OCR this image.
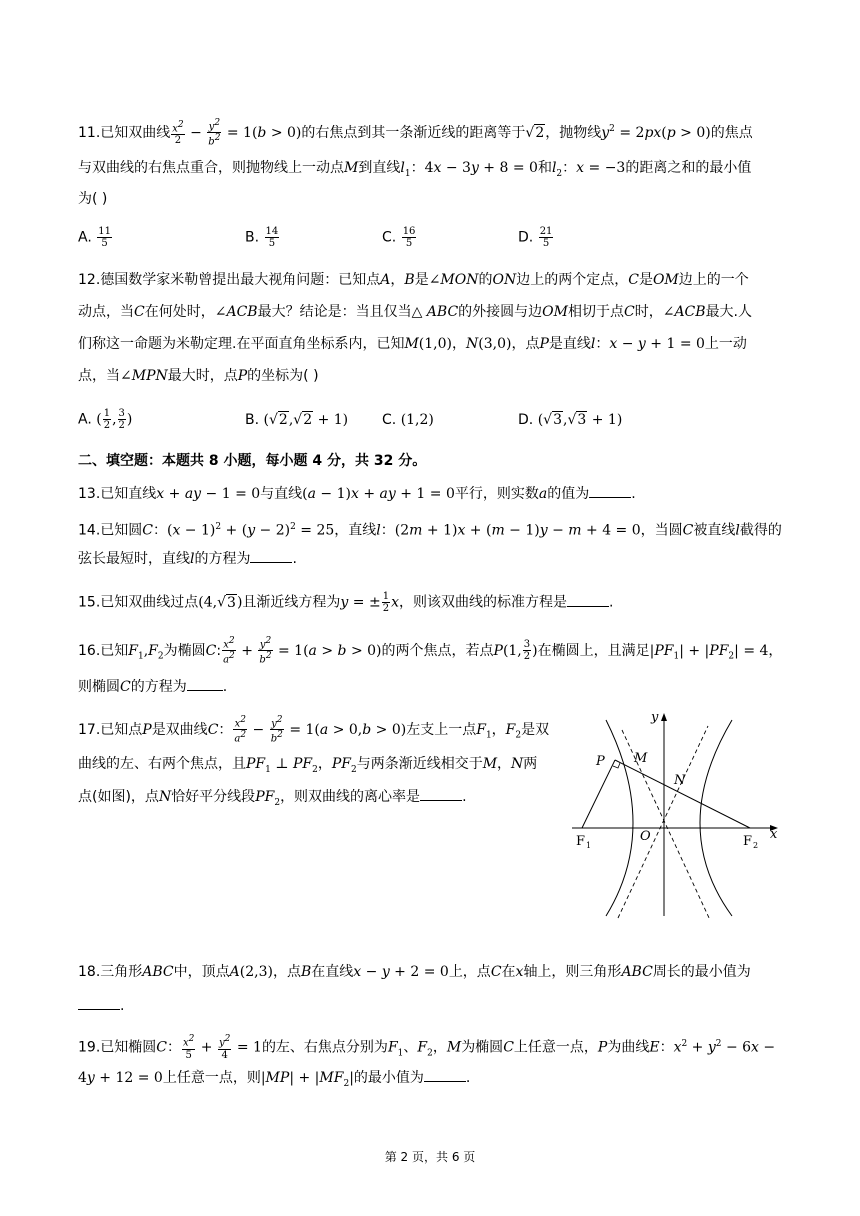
11.已知双曲线 $\frac{x^2}{2} - \frac{y^2}{b^2} = 1(b > 0)$的右焦点到其一条渐近线的距离等于√2，抛物线$y^2 = 2px(p > 0)$的焦点
与双曲线的右焦点重合，则抛物线上一动点M到直线$l_1$：4x − 3y + 8 = 0和$l_2$：x = −3的距离之和的最小值
为( )
A. $\frac{11}{5}$	B. $\frac{14}{5}$	C. $\frac{16}{5}$	D. $\frac{21}{5}$
12.德国数学家米勒曾提出最大视角问题：已知点A，B是∠MON的ON边上的两个定点，C是OM边上的一个
动点，当C在何处时，∠ACB最大？结论是：当且仅当△ ABC的外接圆与边OM相切于点C时，∠ACB最大.人
们称这一命题为米勒定理.在平面直角坐标系内，已知M(1,0)，N(3,0)，点P是直线l：x − y + 1 = 0上一动
点，当∠MPN最大时，点P的坐标为( )
A. ( $\frac{1}{2}$ , $\frac{3}{2}$ )	B. (√2,√2 + 1) C. (1,2)	D. (√3,√3 + 1)
二、填空题：本题共 8 小题，每小题 4 分，共 32 分。
13.已知直线x + ay − 1 = 0与直线(a − 1)x + ay + 1 = 0平行，则实数a的值为	.
14.已知圆C：$(x - 1)^2 + (y - 2)^2 = 25$，直线l：(2m + 1)x + (m − 1)y − m + 4 = 0，当圆C被直线l截得的
弦长最短时，直线l的方程为	.
15.已知双曲线过点(4,√3)且渐近线方程为y = ± $\frac{1}{2}$ x，则该双曲线的标准方程是	.
16.已知$F_1,F_2$为椭圆C: $\frac{x^2}{a^2} + \frac{y^2}{b^2} = 1(a > b > 0)$的两个焦点，若点P(1, $\frac{3}{2}$ )在椭圆上，且满足$|PF_1| + |PF_2| = 4$，
则椭圆C的方程为	.
17.已知点P是双曲线C： $\frac{x^2}{a^2} - \frac{y^2}{b^2} = 1(a > 0,b > 0)$左支上一点$F_1$，$F_2$是双
曲线的左、右两个焦点，且$PF_1$ ⊥ $PF_2$，$PF_2$与两条渐近线相交于M，N两
点(如图)，点N恰好平分线段$PF_2$，则双曲线的离心率是	.
y
x
O
P M
N
F 1	F 2
18.三角形ABC中，顶点A(2,3)，点B在直线x − y + 2 = 0上，点C在x轴上，则三角形ABC周长的最小值为
.
19.已知椭圆C： $\frac{x^2}{5} + \frac{y^2}{4} = 1$的左、右焦点分别为$F_1$、$F_2$，M为椭圆C上任意一点，P为曲线E：$x^2 + y^2 - 6x$ −
4y + 12 = 0上任意一点，则$|MP| + |MF_2|$的最小值为	.
第 2 页，共 6 页
